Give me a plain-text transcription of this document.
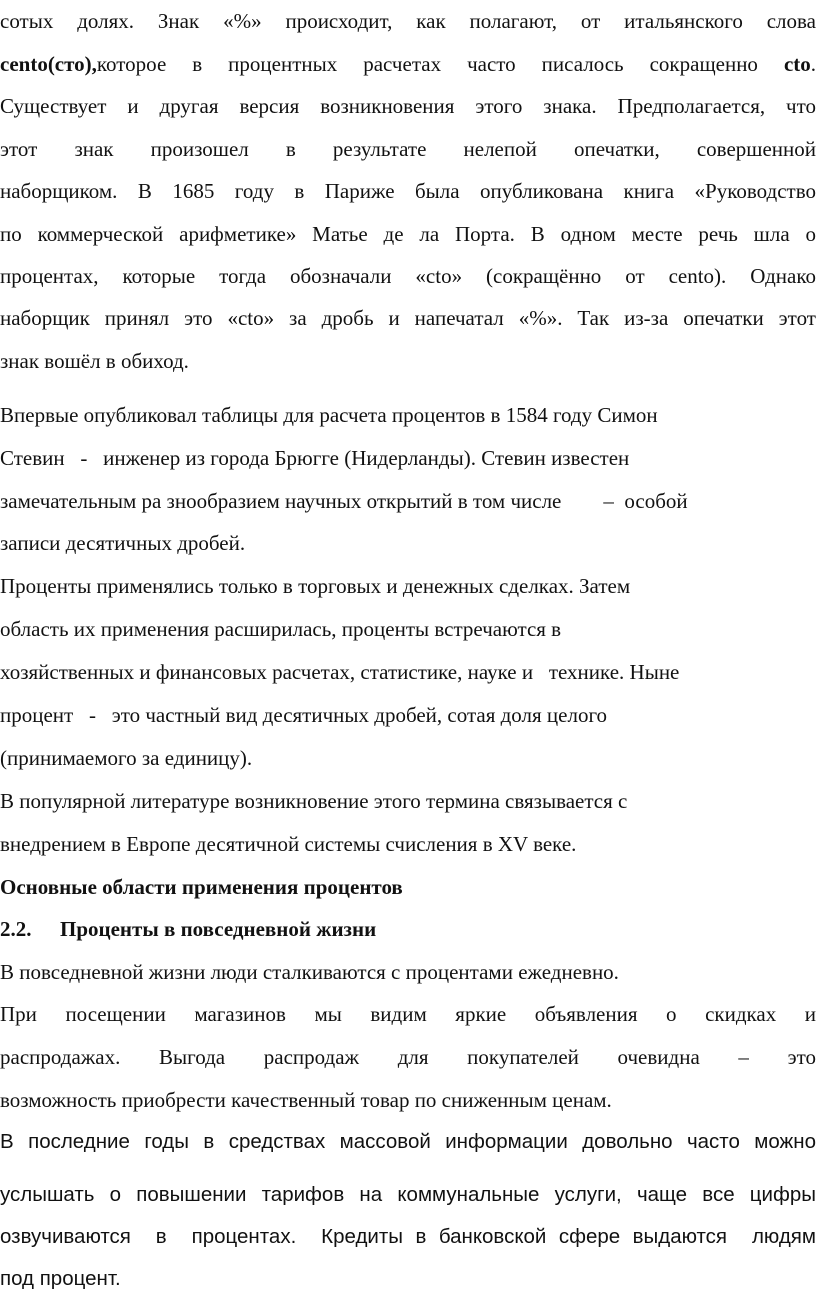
сотых долях. Знак «%» происходит, как полагают, от итальянского слова
cento(сто),которое в процентных расчетах часто писалось сокращенно cto.
Существует и другая версия возникновения этого знака. Предполагается, что
этот знак произошел в результате нелепой опечатки, совершенной
наборщиком. В 1685 году в Париже была опубликована книга «Руководство
по коммерческой арифметике» Матье де ла Порта. В одном месте речь шла о
процентах, которые тогда обозначали «cto» (сокращённо от cento). Однако
наборщик принял это «cto» за дробь и напечатал «%». Так из-за опечатки этот
знак вошёл в обиход.
Впервые опубликовал таблицы для расчета процентов в 1584 году Симон
Стевин   -   инженер из города Брюгге (Нидерланды). Стевин известен
замечательным ра знообразием научных открытий в том числе        –  особой
записи десятичных дробей.
Проценты применялись только в торговых и денежных сделках. Затем
область их применения расширилась, проценты встречаются в
хозяйственных и финансовых расчетах, статистике, науке и   технике. Ныне
процент   -   это частный вид десятичных дробей, сотая доля целого
(принимаемого за единицу).
В популярной литературе возникновение этого термина связывается с
внедрением в Европе десятичной системы счисления в XV веке.
Основные области применения процентов
2.2. Проценты в повседневной жизни
В повседневной жизни люди сталкиваются с процентами ежедневно.
При посещении магазинов мы видим яркие объявления о скидках и
распродажах. Выгода распродаж для покупателей очевидна – это
возможность приобрести качественный товар по сниженным ценам.
В последние годы в средствах массовой информации довольно часто можно
услышать о повышении тарифов на коммунальные услуги, чаще все цифры
озвучиваются  в  процентах.  Кредиты в банковской сфере выдаются  людям
под процент.
